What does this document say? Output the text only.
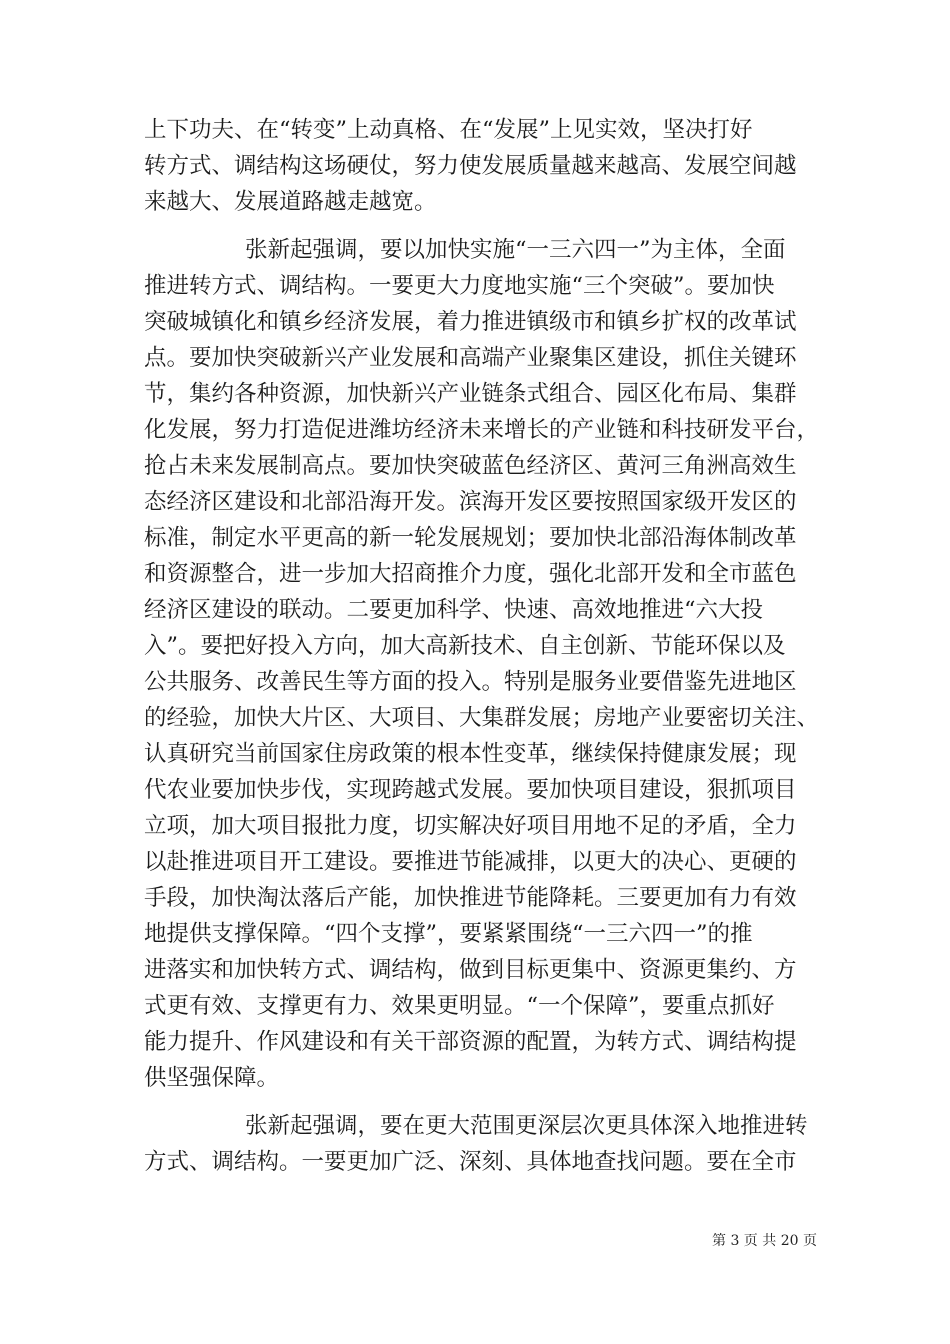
上下功夫、在“转变”上动真格、在“发展”上见实效，坚决打好
转方式、调结构这场硬仗，努力使发展质量越来越高、发展空间越
来越大、发展道路越走越宽。
张新起强调，要以加快实施“一三六四一”为主体，全面
推进转方式、调结构。一要更大力度地实施“三个突破”。要加快
突破城镇化和镇乡经济发展，着力推进镇级市和镇乡扩权的改革试
点。要加快突破新兴产业发展和高端产业聚集区建设，抓住关键环
节，集约各种资源，加快新兴产业链条式组合、园区化布局、集群
化发展，努力打造促进潍坊经济未来增长的产业链和科技研发平台，
抢占未来发展制高点。要加快突破蓝色经济区、黄河三角洲高效生
态经济区建设和北部沿海开发。滨海开发区要按照国家级开发区的
标准，制定水平更高的新一轮发展规划；要加快北部沿海体制改革
和资源整合，进一步加大招商推介力度，强化北部开发和全市蓝色
经济区建设的联动。二要更加科学、快速、高效地推进“六大投
入”。要把好投入方向，加大高新技术、自主创新、节能环保以及
公共服务、改善民生等方面的投入。特别是服务业要借鉴先进地区
的经验，加快大片区、大项目、大集群发展；房地产业要密切关注、
认真研究当前国家住房政策的根本性变革，继续保持健康发展；现
代农业要加快步伐，实现跨越式发展。要加快项目建设，狠抓项目
立项，加大项目报批力度，切实解决好项目用地不足的矛盾，全力
以赴推进项目开工建设。要推进节能减排，以更大的决心、更硬的
手段，加快淘汰落后产能，加快推进节能降耗。三要更加有力有效
地提供支撑保障。“四个支撑”，要紧紧围绕“一三六四一”的推
进落实和加快转方式、调结构，做到目标更集中、资源更集约、方
式更有效、支撑更有力、效果更明显。“一个保障”，要重点抓好
能力提升、作风建设和有关干部资源的配置，为转方式、调结构提
供坚强保障。
张新起强调，要在更大范围更深层次更具体深入地推进转
方式、调结构。一要更加广泛、深刻、具体地查找问题。要在全市
第 3 页 共 20 页
